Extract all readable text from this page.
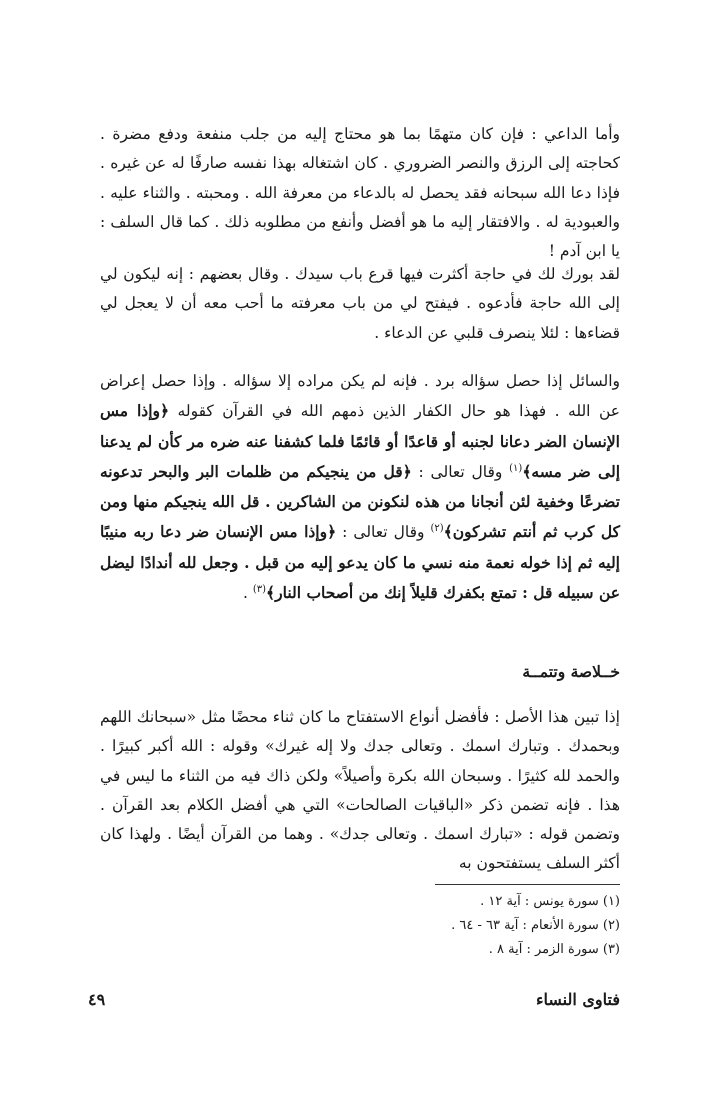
وأما الداعي : فإن كان متهمًا بما هو محتاج إليه من جلب منفعة ودفع مضرة . كحاجته إلى الرزق والنصر الضروري . كان اشتغاله بهذا نفسه صارفًا له عن غيره . فإذا دعا الله سبحانه فقد يحصل له بالدعاء من معرفة الله . ومحبته . والثناء عليه . والعبودية له . والافتقار إليه ما هو أفضل وأنفع من مطلوبه ذلك . كما قال السلف : يا ابن آدم !

لقد بورك لك في حاجة أكثرت فيها قرع باب سيدك . وقال بعضهم : إنه ليكون لي إلى الله حاجة فأدعوه . فيفتح لي من باب معرفته ما أحب معه أن لا يعجل لي قضاءها : لئلا ينصرف قلبي عن الدعاء .

والسائل إذا حصل سؤاله برد . فإنه لم يكن مراده إلا سؤاله . وإذا حصل إعراض عن الله . فهذا هو حال الكفار الذين ذمهم الله في القرآن كقوله ﴿وإذا مس الإنسان الضر دعانا لجنبه أو قاعدًا أو قائمًا فلما كشفنا عنه ضره مر كأن لم يدعنا إلى ضر مسه﴾$^{(١)}$ وقال تعالى : ﴿قل من ينجيكم من ظلمات البر والبحر تدعونه تضرعًا وخفية لئن أنجانا من هذه لنكونن من الشاكرين . قل الله ينجيكم منها ومن كل كرب ثم أنتم تشركون﴾$^{(٢)}$ وقال تعالى : ﴿وإذا مس الإنسان ضر دعا ربه منيبًا إليه ثم إذا خوله نعمة منه نسي ما كان يدعو إليه من قبل . وجعل لله أندادًا ليضل عن سبيله قل : تمتع بكفرك قليلاً إنك من أصحاب النار﴾$^{(٣)}$ .

خــلاصة وتتمــة

إذا تبين هذا الأصل : فأفضل أنواع الاستفتاح ما كان ثناء محضًا مثل «سبحانك اللهم وبحمدك . وتبارك اسمك . وتعالى جدك ولا إله غيرك» وقوله : الله أكبر كبيرًا . والحمد لله كثيرًا . وسبحان الله بكرة وأصيلاً» ولكن ذاك فيه من الثناء ما ليس في هذا . فإنه تضمن ذكر «الباقيات الصالحات» التي هي أفضل الكلام بعد القرآن . وتضمن قوله : «تبارك اسمك . وتعالى جدك» . وهما من القرآن أيضًا . ولهذا كان أكثر السلف يستفتحون به

(١) سورة يونس : آية ١٢ .
(٢) سورة الأنعام : آية ٦٣ - ٦٤ .
(٣) سورة الزمر : آية ٨ .
٤٩	فتاوى النساء
